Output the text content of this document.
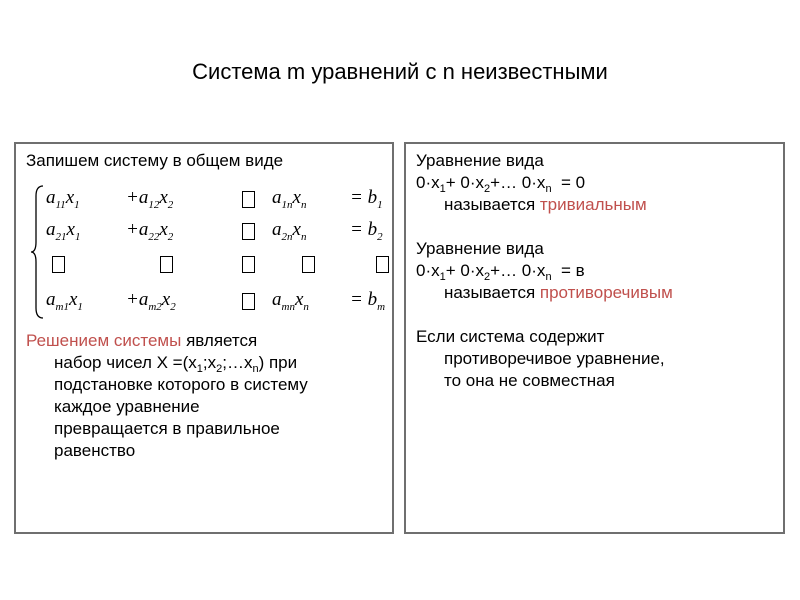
Система m уравнений с n неизвестными
Запишем систему в общем виде
$a_{11}x_1 +a_{12}x_2$	$a_{1n}x_n = b_1$
$a_{21}x_1 +a_{22}x_2$	$a_{2n}x_n = b_2$
$a_{m1}x_1 +a_{m2}x_2$	$a_{mn}x_n = b_m$
Решением системы является
набор чисел $X =(x_1;x_2;\dots x_n)$ при
подстановке которого в систему
каждое уравнение
превращается в правильное
равенство
Уравнение вида
$0\cdot x_1+$ $0\cdot x_2+\dots$ $0\cdot x_n = 0$
называется тривиальным
Уравнение вида
$0\cdot x_1+$ $0\cdot x_2+\dots$ $0\cdot x_n = в$
называется противоречивым
Если система содержит
противоречивое уравнение,
то она не совместная
